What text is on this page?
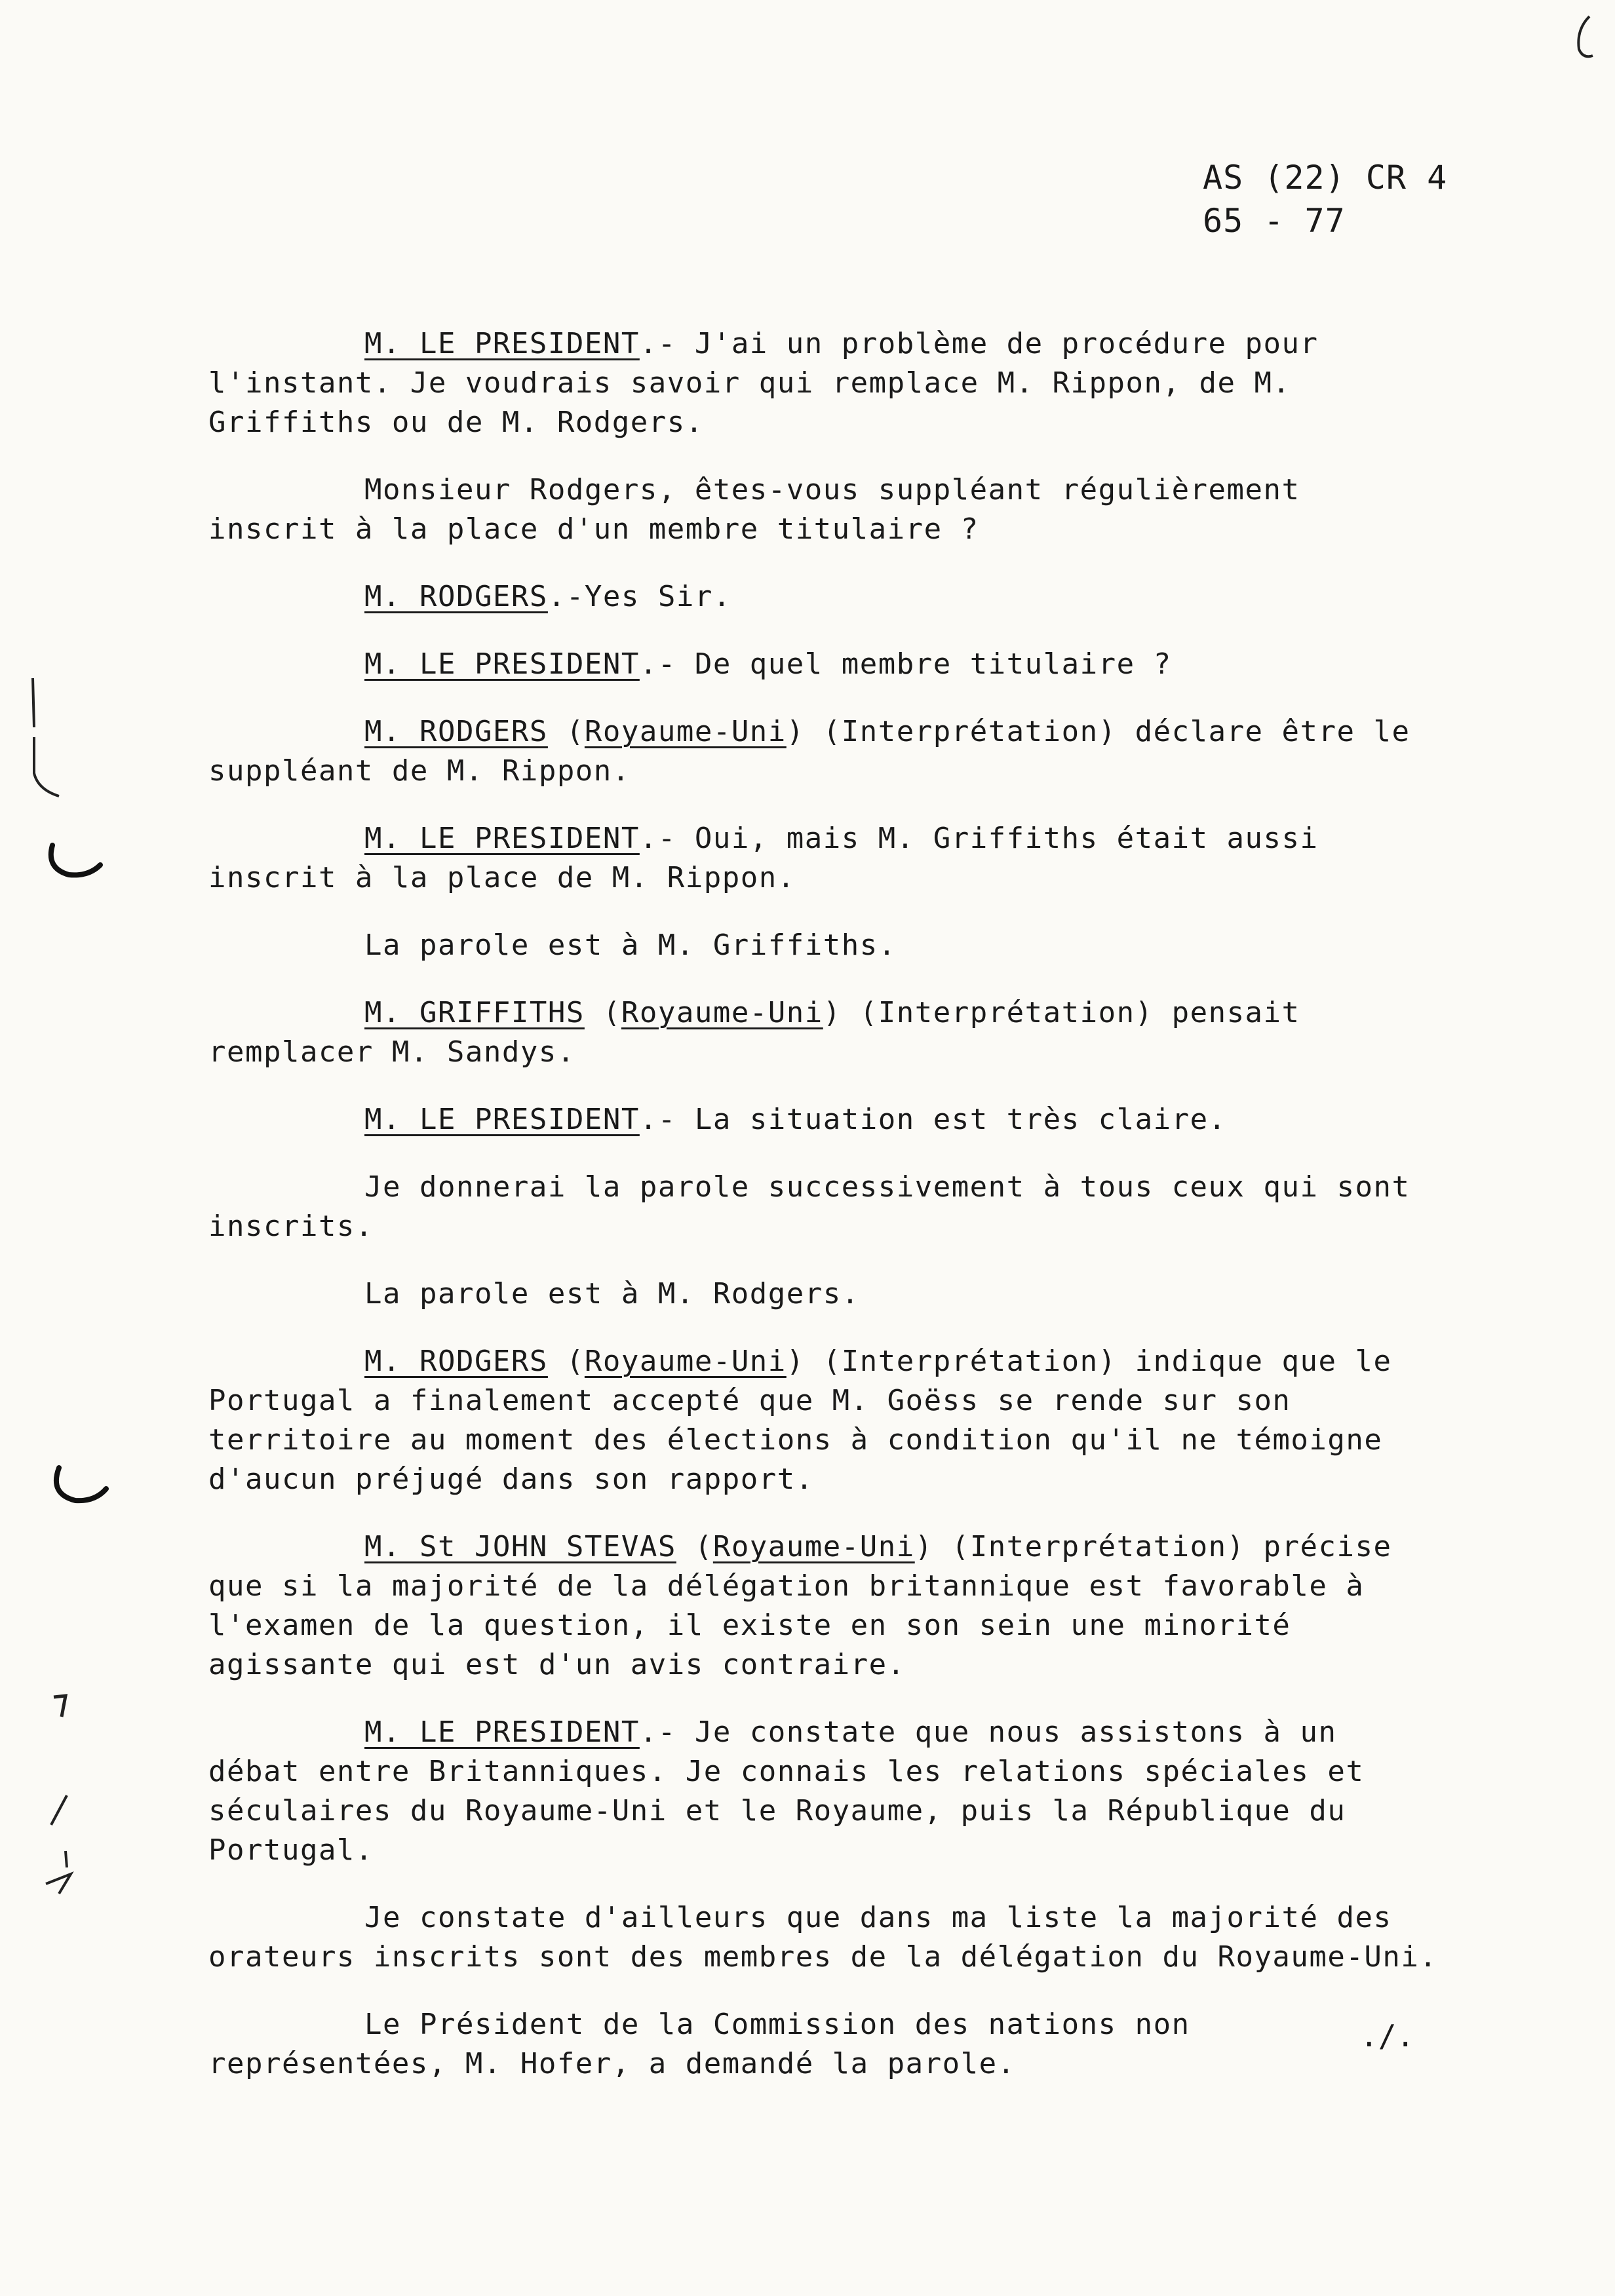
AS (22) CR 4
65 - 77

M. LE PRESIDENT.- J'ai un problème de procédure pour l'instant. Je voudrais savoir qui remplace M. Rippon, de M. Griffiths ou de M. Rodgers.

Monsieur Rodgers, êtes-vous suppléant régulièrement inscrit à la place d'un membre titulaire ?

M. RODGERS.-Yes Sir.

M. LE PRESIDENT.- De quel membre titulaire ?

M. RODGERS (Royaume-Uni) (Interprétation) déclare être le suppléant de M. Rippon.

M. LE PRESIDENT.- Oui, mais M. Griffiths était aussi inscrit à la place de M. Rippon.

La parole est à M. Griffiths.

M. GRIFFITHS (Royaume-Uni) (Interprétation) pensait remplacer M. Sandys.

M. LE PRESIDENT.- La situation est très claire.

Je donnerai la parole successivement à tous ceux qui sont inscrits.

La parole est à M. Rodgers.

M. RODGERS (Royaume-Uni) (Interprétation) indique que le Portugal a finalement accepté que M. Goëss se rende sur son territoire au moment des élections à condition qu'il ne témoigne d'aucun préjugé dans son rapport.

M. St JOHN STEVAS (Royaume-Uni) (Interprétation) précise que si la majorité de la délégation britannique est favorable à l'examen de la question, il existe en son sein une minorité agissante qui est d'un avis contraire.

M. LE PRESIDENT.- Je constate que nous assistons à un débat entre Britanniques. Je connais les relations spéciales et séculaires du Royaume-Uni et le Royaume, puis la République du Portugal.

Je constate d'ailleurs que dans ma liste la majorité des orateurs inscrits sont des membres de la délégation du Royaume-Uni.

Le Président de la Commission des nations non représentées, M. Hofer, a demandé la parole.

./.
